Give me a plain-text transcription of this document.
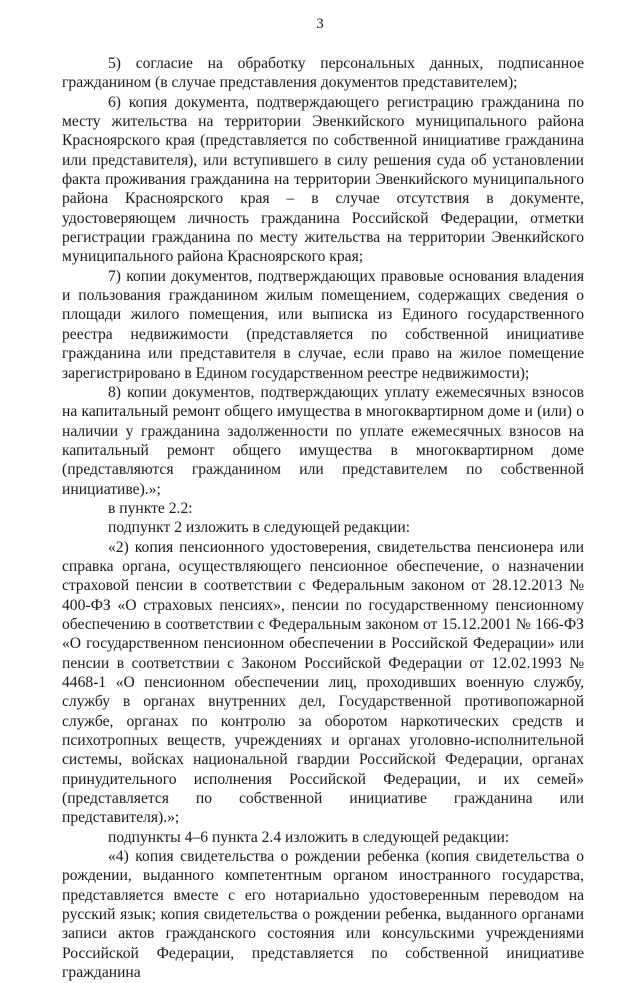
3

5) согласие на обработку персональных данных, подписанное гражданином (в случае представления документов представителем);

6) копия документа, подтверждающего регистрацию гражданина по месту жительства на территории Эвенкийского муниципального района Красноярского края (представляется по собственной инициативе гражданина или представителя), или вступившего в силу решения суда об установлении факта проживания гражданина на территории Эвенкийского муниципального района Красноярского края – в случае отсутствия в документе, удостоверяющем личность гражданина Российской Федерации, отметки регистрации гражданина по месту жительства на территории Эвенкийского муниципального района Красноярского края;

7) копии документов, подтверждающих правовые основания владения и пользования гражданином жилым помещением, содержащих сведения о площади жилого помещения, или выписка из Единого государственного реестра недвижимости (представляется по собственной инициативе гражданина или представителя в случае, если право на жилое помещение зарегистрировано в Едином государственном реестре недвижимости);

8) копии документов, подтверждающих уплату ежемесячных взносов на капитальный ремонт общего имущества в многоквартирном доме и (или) о наличии у гражданина задолженности по уплате ежемесячных взносов на капитальный ремонт общего имущества в многоквартирном доме (представляются гражданином или представителем по собственной инициативе).»;

в пункте 2.2:

подпункт 2 изложить в следующей редакции:

«2) копия пенсионного удостоверения, свидетельства пенсионера или справка органа, осуществляющего пенсионное обеспечение, о назначении страховой пенсии в соответствии с Федеральным законом от 28.12.2013 № 400-ФЗ «О страховых пенсиях», пенсии по государственному пенсионному обеспечению в соответствии с Федеральным законом от 15.12.2001 № 166-ФЗ «О государственном пенсионном обеспечении в Российской Федерации» или пенсии в соответствии с Законом Российской Федерации от 12.02.1993 № 4468-1 «О пенсионном обеспечении лиц, проходивших военную службу, службу в органах внутренних дел, Государственной противопожарной службе, органах по контролю за оборотом наркотических средств и психотропных веществ, учреждениях и органах уголовно-исполнительной системы, войсках национальной гвардии Российской Федерации, органах принудительного исполнения Российской Федерации, и их семей» (представляется по собственной инициативе гражданина или представителя).»;

подпункты 4–6 пункта 2.4 изложить в следующей редакции:

«4) копия свидетельства о рождении ребенка (копия свидетельства о рождении, выданного компетентным органом иностранного государства, представляется вместе с его нотариально удостоверенным переводом на русский язык; копия свидетельства о рождении ребенка, выданного органами записи актов гражданского состояния или консульскими учреждениями Российской Федерации, представляется по собственной инициативе гражданина
